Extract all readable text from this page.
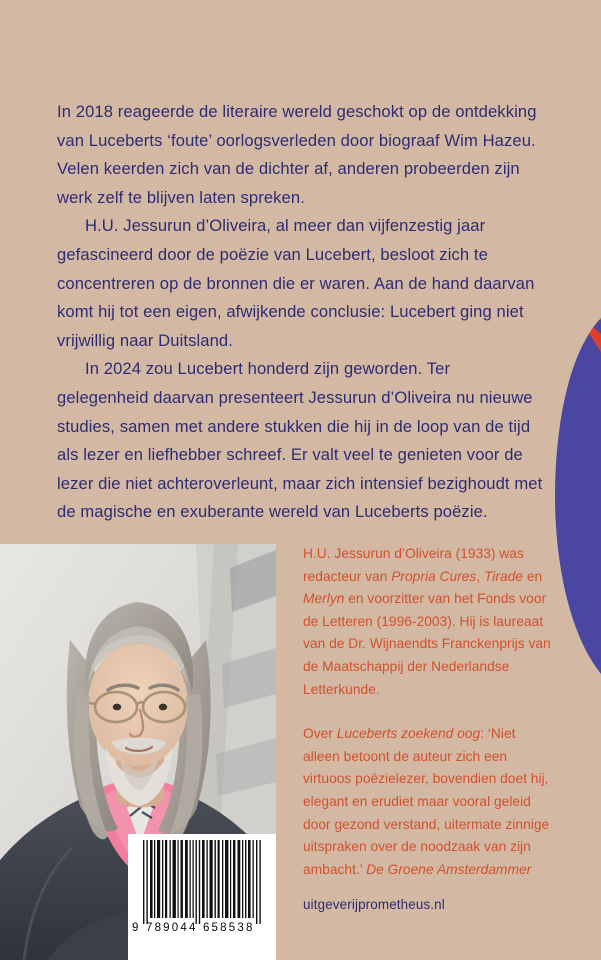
In 2018 reageerde de literaire wereld geschokt op de ontdekking van Luceberts ‘foute’ oorlogsverleden door biograaf Wim Hazeu. Velen keerden zich van de dichter af, anderen probeerden zijn werk zelf te blijven laten spreken.

H.U. Jessurun d’Oliveira, al meer dan vijfenzestig jaar gefascineerd door de poëzie van Lucebert, besloot zich te concentreren op de bronnen die er waren. Aan de hand daarvan komt hij tot een eigen, afwijkende conclusie: Lucebert ging niet vrijwillig naar Duitsland.

In 2024 zou Lucebert honderd zijn geworden. Ter gelegenheid daarvan presenteert Jessurun d’Oliveira nu nieuwe studies, samen met andere stukken die hij in de loop van de tijd als lezer en liefhebber schreef. Er valt veel te genieten voor de lezer die niet achteroverleunt, maar zich intensief bezighoudt met de magische en exuberante wereld van Luceberts poëzie.

9 789044 658538

H.U. Jessurun d’Oliveira (1933) was redacteur van Propria Cures, Tirade en Merlyn en voorzitter van het Fonds voor de Letteren (1996-2003). Hij is laureaat van de Dr. Wijnaendts Franckenprijs van de Maatschappij der Nederlandse Letterkunde.

Over Luceberts zoekend oog: ‘Niet alleen betoont de auteur zich een virtuoos poëzielezer, bovendien doet hij, elegant en erudiet maar vooral geleid door gezond verstand, uitermate zinnige uitspraken over de noodzaak van zijn ambacht.’ De Groene Amsterdammer

uitgeverijprometheus.nl
